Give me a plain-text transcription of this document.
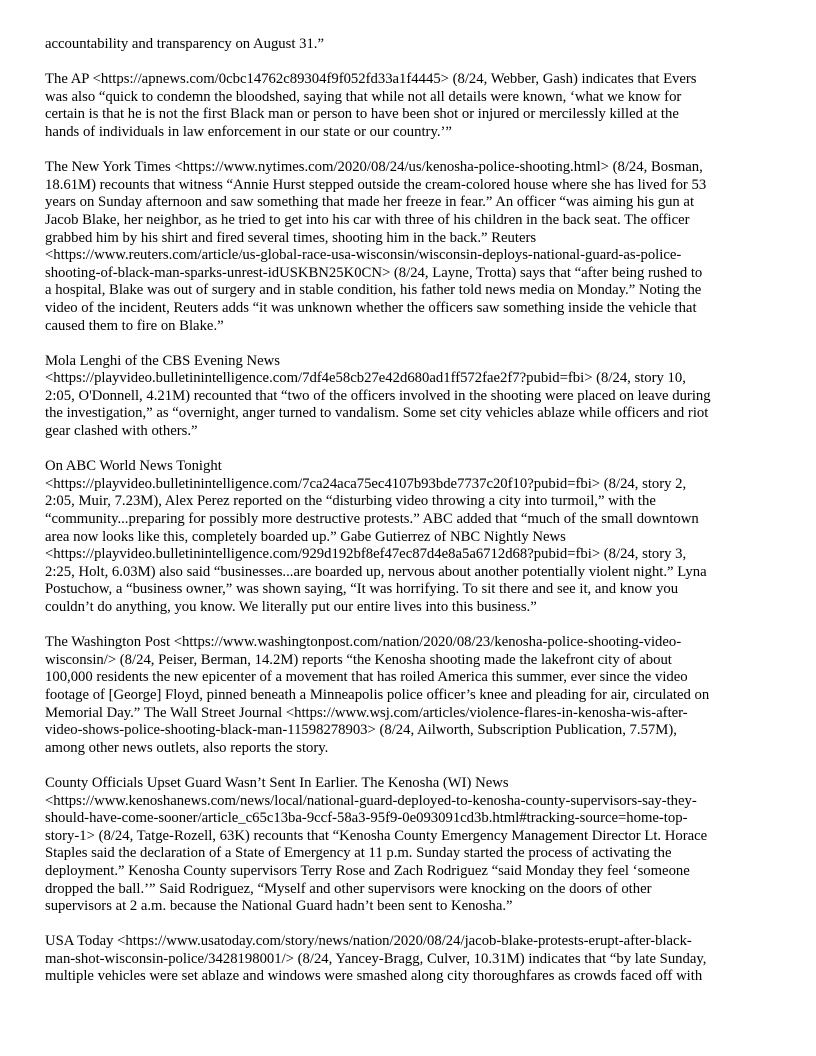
accountability and transparency on August 31.”

The AP <https://apnews.com/0cbc14762c89304f9f052fd33a1f4445> (8/24, Webber, Gash) indicates that Evers
was also “quick to condemn the bloodshed, saying that while not all details were known, ‘what we know for
certain is that he is not the first Black man or person to have been shot or injured or mercilessly killed at the
hands of individuals in law enforcement in our state or our country.’”

The New York Times <https://www.nytimes.com/2020/08/24/us/kenosha-police-shooting.html> (8/24, Bosman,
18.61M) recounts that witness “Annie Hurst stepped outside the cream-colored house where she has lived for 53
years on Sunday afternoon and saw something that made her freeze in fear.” An officer “was aiming his gun at
Jacob Blake, her neighbor, as he tried to get into his car with three of his children in the back seat. The officer
grabbed him by his shirt and fired several times, shooting him in the back.” Reuters
<https://www.reuters.com/article/us-global-race-usa-wisconsin/wisconsin-deploys-national-guard-as-police-
shooting-of-black-man-sparks-unrest-idUSKBN25K0CN> (8/24, Layne, Trotta) says that “after being rushed to
a hospital, Blake was out of surgery and in stable condition, his father told news media on Monday.” Noting the
video of the incident, Reuters adds “it was unknown whether the officers saw something inside the vehicle that
caused them to fire on Blake.”

Mola Lenghi of the CBS Evening News
<https://playvideo.bulletinintelligence.com/7df4e58cb27e42d680ad1ff572fae2f7?pubid=fbi> (8/24, story 10,
2:05, O'Donnell, 4.21M) recounted that “two of the officers involved in the shooting were placed on leave during
the investigation,” as “overnight, anger turned to vandalism. Some set city vehicles ablaze while officers and riot
gear clashed with others.”

On ABC World News Tonight
<https://playvideo.bulletinintelligence.com/7ca24aca75ec4107b93bde7737c20f10?pubid=fbi> (8/24, story 2,
2:05, Muir, 7.23M), Alex Perez reported on the “disturbing video throwing a city into turmoil,” with the
“community...preparing for possibly more destructive protests.” ABC added that “much of the small downtown
area now looks like this, completely boarded up.” Gabe Gutierrez of NBC Nightly News
<https://playvideo.bulletinintelligence.com/929d192bf8ef47ec87d4e8a5a6712d68?pubid=fbi> (8/24, story 3,
2:25, Holt, 6.03M) also said “businesses...are boarded up, nervous about another potentially violent night.” Lyna
Postuchow, a “business owner,” was shown saying, “It was horrifying. To sit there and see it, and know you
couldn’t do anything, you know. We literally put our entire lives into this business.”

The Washington Post <https://www.washingtonpost.com/nation/2020/08/23/kenosha-police-shooting-video-
wisconsin/> (8/24, Peiser, Berman, 14.2M) reports “the Kenosha shooting made the lakefront city of about
100,000 residents the new epicenter of a movement that has roiled America this summer, ever since the video
footage of [George] Floyd, pinned beneath a Minneapolis police officer’s knee and pleading for air, circulated on
Memorial Day.” The Wall Street Journal <https://www.wsj.com/articles/violence-flares-in-kenosha-wis-after-
video-shows-police-shooting-black-man-11598278903> (8/24, Ailworth, Subscription Publication, 7.57M),
among other news outlets, also reports the story.

County Officials Upset Guard Wasn’t Sent In Earlier. The Kenosha (WI) News
<https://www.kenoshanews.com/news/local/national-guard-deployed-to-kenosha-county-supervisors-say-they-
should-have-come-sooner/article_c65c13ba-9ccf-58a3-95f9-0e093091cd3b.html#tracking-source=home-top-
story-1> (8/24, Tatge-Rozell, 63K) recounts that “Kenosha County Emergency Management Director Lt. Horace
Staples said the declaration of a State of Emergency at 11 p.m. Sunday started the process of activating the
deployment.” Kenosha County supervisors Terry Rose and Zach Rodriguez “said Monday they feel ‘someone
dropped the ball.’” Said Rodriguez, “Myself and other supervisors were knocking on the doors of other
supervisors at 2 a.m. because the National Guard hadn’t been sent to Kenosha.”

USA Today <https://www.usatoday.com/story/news/nation/2020/08/24/jacob-blake-protests-erupt-after-black-
man-shot-wisconsin-police/3428198001/> (8/24, Yancey-Bragg, Culver, 10.31M) indicates that “by late Sunday,
multiple vehicles were set ablaze and windows were smashed along city thoroughfares as crowds faced off with
